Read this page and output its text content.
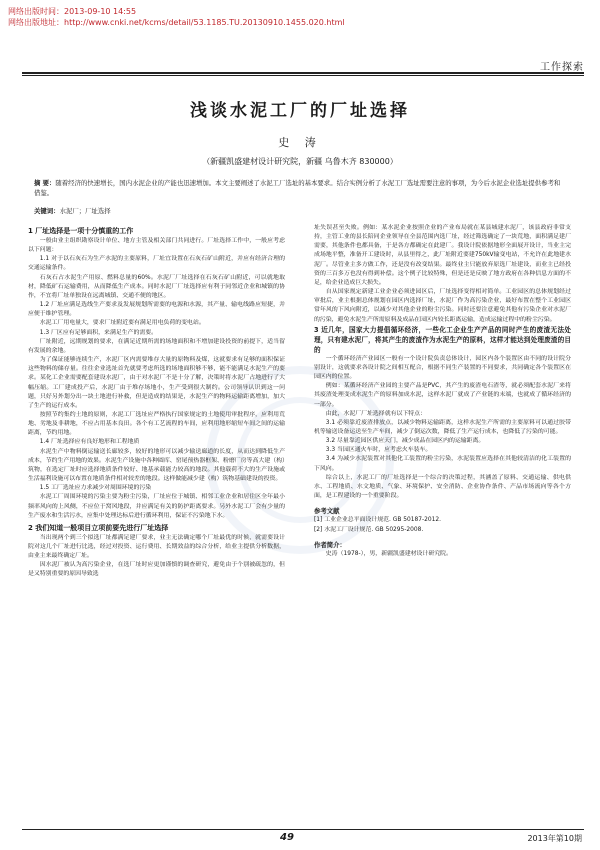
网络出版时间：2013-09-10 14:55
网络出版地址：http://www.cnki.net/kcms/detail/53.1185.TU.20130910.1455.020.html
工作探索
浅谈水泥工厂的厂址选择
史 涛
（新疆凯盛建材设计研究院，新疆 乌鲁木齐 830000）
摘 要：随着经济的快速增长，国内水泥企业的产能也迅速增加。本文主要阐述了水泥工厂选址的基本要求。结合实例分析了水泥工厂选址需要注意的事项，为今后水泥企业选址提供参考和借鉴。
关键词：水泥厂；厂址选择
1 厂址选择是一项十分慎重的工作

一般由业主组织勘察设计单位、地方主管及相关部门共同进行。厂址选择工作中，一般应考虑以下问题：

1.1 对于以石灰石为生产水泥的主要原料，厂址宜设置在石灰石矿山附近，并应有经济合理的交通运输条件。

石灰石占水泥生产用原、燃料总量的60%。水泥厂厂址选择在石灰石矿山附近，可以就地取材，降低矿石运输费用，从而降低生产成本。同时水泥厂厂址选择应有利于同邻近企业和城镇的协作，不宜将厂址单独设在远离城镇、交通不便的地区。

1.2 厂址应满足选线生产要求及发展规划所需要的电源和水源，其产量、输电线路应短捷，并应便于维护管理。

水泥工厂用电量大，要求厂址附近要有满足用电负荷的变电站。

1.3 厂区应有足够面积，来满足生产的需要。

厂址附近，远期规划的要求，在满足近期所需的场地面积和不增加建设投资的前提下，适当留有发展的余地。

为了保证能够连续生产，水泥厂区内需要堆存大量的原物料及煤，这就要求有足够的面积保证这些物料的储存量。往往企业选址首先就要考虑所选的场地面积够不够，能不能满足水泥生产的要求。某化工企业需要配套建设水泥厂，由于对水泥厂不是十分了解，决策时将水泥厂占地进行了大幅压缩。工厂建成投产后，水泥厂由于堆存场地小，生产受到很大制约。公司领导认识到这一问题，只好另外划分出一块土地进行补救，但是造成的结果是，水泥生产的物料运输距离增加，加大了生产的运行成本。

按照节约集约土地的原则，水泥工厂选址应严格执行国家规定的土地使用审批程序，应利用荒地、劣地及非耕地，不应占用基本良田。各个有工艺流程的车间，应利用地形缩短车间之间的运输距离，节约用地。

1.4 厂址选择应有良好地形和工程地质

水泥生产中物料倒运输送长廊较多，较好的地形可以减少输送廊道的长度，从而达到降低生产成本，节约生产用地的效果。水泥生产设施中各种圆库、窑尾预热器框架、粉磨厂房等高大建（构）筑物，在选定厂址时应选择地质条件较好、地基承载能力较高的地段。其他载荷不大的生产设施或生活福利设施可以布置在地质条件相对较差的地段。这样做能减少建（构）筑物基础建设的投资。

1.5 工厂选址应力求减少对周围环境的污染

水泥工厂周围环境的污染主要为粉尘污染，厂址应位于城镇、相邻工业企业和居住区全年最小频率风向的上风侧，不应位于窝风地段，并应满足有关的防护距离要求。另外水泥工厂会有少量的生产废水和生活污水，应集中处理达标后进行循环利用，保证不污染地下水。

2 我们知道一般项目立项前要先进行厂址选择

当出现两个到三个拟选厂址都满足建厂要求，业主无法确定哪个厂址最优的时候，就需要设计院对这几个厂址进行比选，经过对投资、运行费用、长期效益的综合分析，给业主提供分析数据，由业主来最终确定厂址。

因水泥厂被认为高污染企业，在选厂址时应更加谨慎的调查研究，避免由于个别被疏忽的，但是又特别重要的原因导致选

址失误甚至失败。例如：某水泥企业按照企业的产业布局就在某县城建水泥厂，该县政府非常支持，主管工业的县长陪同企业领导在全县范围内选厂址，经过筛选确定了一块荒地，面积满足建厂需要，其他条件也都具备，于是各方都确定在此建厂。我设计院依据地形全面展开设计，当业主完成场地平整，准备开工建设时，从县里得之，此厂址附近要建750kV输变电站，不允许在此地建水泥厂。尽管业主多方做工作，还是没有改变结果。最终业主只能放弃原选厂址建设，而业主已经投资的三百多万也没有得到补偿。这个例子比较特殊，但是还是反映了地方政府在各种信息方面的不足，给企业造成巨大损失。

自从国家规定新建工业企业必须进园区后，厂址选择变得相对简单。工业园区的总体规划经过审批后，业主根据总体规划在园区内选择厂址，水泥厂作为高污染企业，最好布置在整个工业园区常年风的下风向附近，以减少对其他企业的粉尘污染。同时还要注意避免其他有污染企业对水泥厂的污染，避免水泥生产所需原料及成品在园区内较长距离运输，造成运输过程中的粉尘污染。

3 近几年，国家大力提倡循环经济，一些化工企业生产产品的同时产生的废渣无法处理，只有建水泥厂，将其产生的废渣作为水泥生产的原料，这样才能达到处理废渣的目的

一个循环经济产业园区一般有一个设计院负责总体设计，园区内各个装置区由不同的设计院分别设计，这就要求各设计院之间相互配合，根据不同生产装置的不同要求，共同确定各个装置区在园区内的位置。

例如：某循环经济产业园的主要产品是PVC，其产生的废渣电石渣等，就必须配套水泥厂来将其废渣处理变成水泥生产的原料加成水泥，这样水泥厂就成了产业链的末端，也就成了循环经济的一部分。

由此，水泥厂厂址选择就有以下特点：

3.1 必须靠近废渣排放点，以减少物料运输距离，这样水泥生产所需的主要原料可以通过胶带机等输送设备运送至生产车间，减少了倒运次数，降低了生产运行成本，也降低了污染的可能。

3.2 尽量靠近园区供应天门，减少成品在园区内的运输距离。

3.3 当园区通火车时，应考虑火车装车。

3.4 为减少水泥装置对其他化工装置的粉尘污染，水泥装置应选择在其他较清洁的化工装置的下风向。

综合以上，水泥工厂的厂址选择是一个综合的决策过程，其涵盖了原料、交通运输、供电供水、工程地质、水文地质、气象、环境保护、安全消防、企业协作条件、产品市场流向等各个方面，是工程建设的一个重要阶段。

参考文献

[1] 工业企业总平面设计规范. GB 50187-2012.

[2] 水泥工厂设计规范. GB 50295-2008.

作者简介：

史涛（1978-），男，新疆凯盛建材设计研究院。

49	2013年第10期
